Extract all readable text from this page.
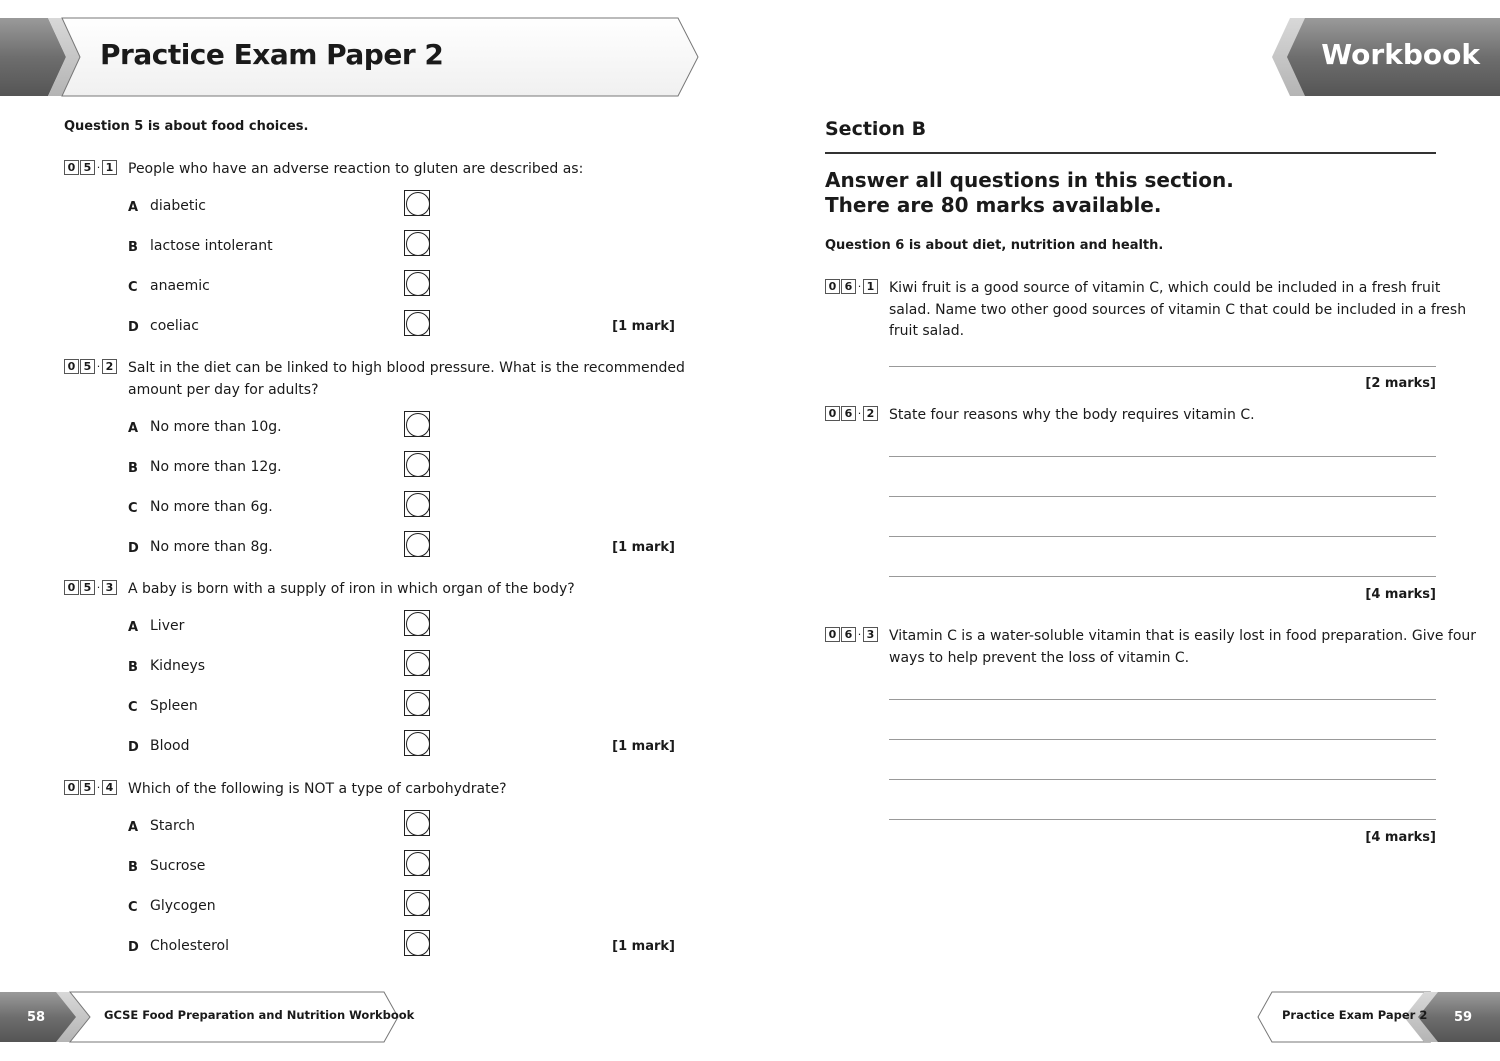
Practice Exam Paper 2	Workbook
Question 5 is about food choices.
0 5 · 1 People who have an adverse reaction to gluten are described as:
A diabetic
B lactose intolerant
C anaemic
D coeliac	[1 mark]
0 5 · 2 Salt in the diet can be linked to high blood pressure. What is the recommended
amount per day for adults?
A No more than 10g.
B No more than 12g.
C No more than 6g.
D No more than 8g.	[1 mark]
0 5 · 3 A baby is born with a supply of iron in which organ of the body?
A Liver
B Kidneys
C Spleen
D Blood	[1 mark]
0 5 · 4 Which of the following is NOT a type of carbohydrate?
A Starch
B Sucrose
C Glycogen
D Cholesterol	[1 mark]
Section B
Answer all questions in this section.
There are 80 marks available.
Question 6 is about diet, nutrition and health.
0 6 · 1 Kiwi fruit is a good source of vitamin C, which could be included in a fresh fruit
salad. Name two other good sources of vitamin C that could be included in a fresh
fruit salad.
[2 marks]
0 6 · 2 State four reasons why the body requires vitamin C.
[4 marks]
0 6 · 3 Vitamin C is a water-soluble vitamin that is easily lost in food preparation. Give four
ways to help prevent the loss of vitamin C.
[4 marks]
58	GCSE Food Preparation and Nutrition Workbook	Practice Exam Paper 2 59
